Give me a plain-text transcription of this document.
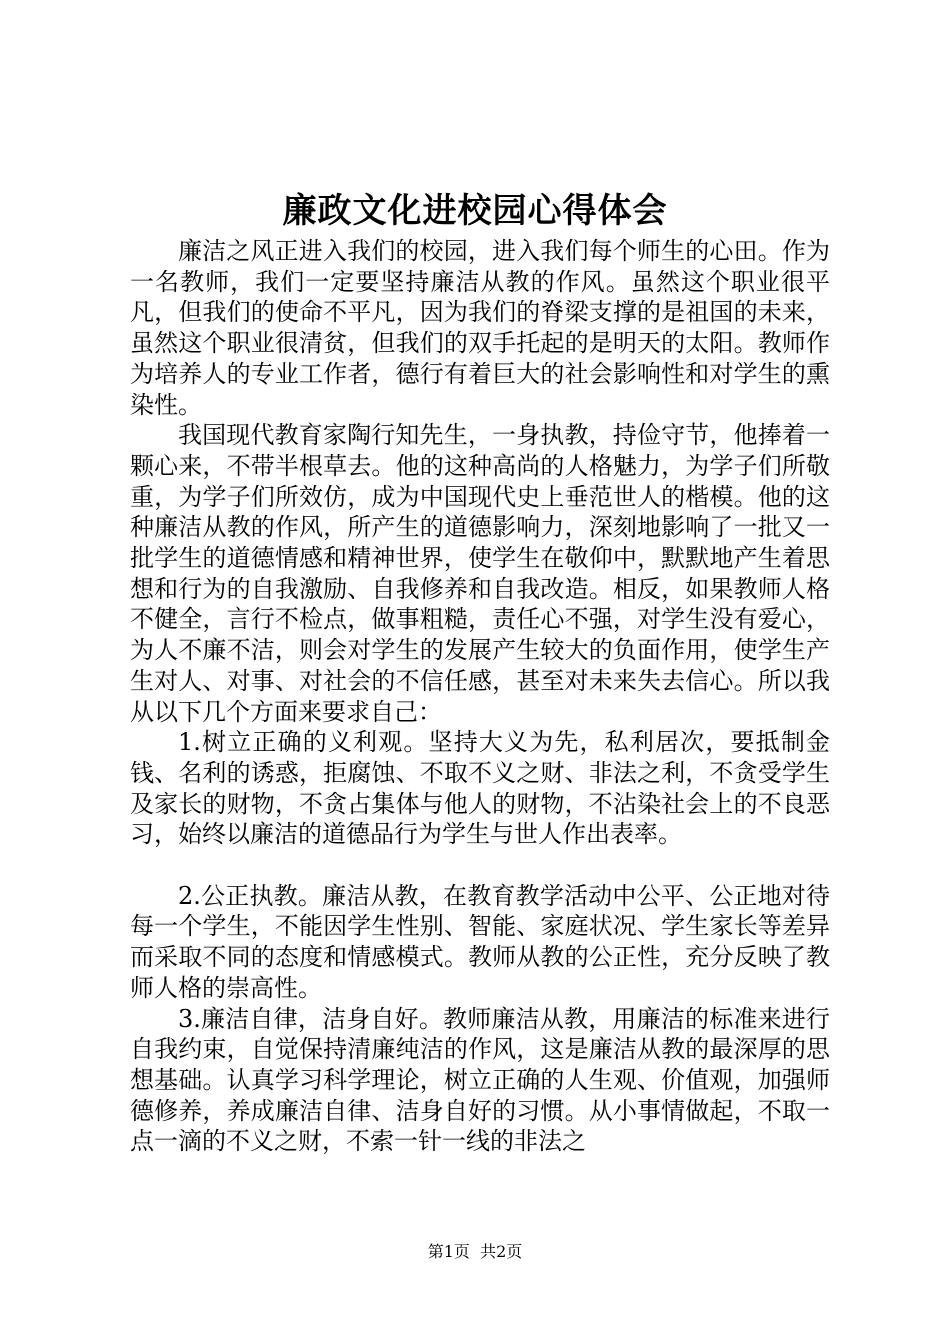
廉政文化进校园心得体会

廉洁之风正进入我们的校园，进入我们每个师生的心田。作为一名教师，我们一定要坚持廉洁从教的作风。虽然这个职业很平凡，但我们的使命不平凡，因为我们的脊梁支撑的是祖国的未来，虽然这个职业很清贫，但我们的双手托起的是明天的太阳。教师作为培养人的专业工作者，德行有着巨大的社会影响性和对学生的熏染性。

我国现代教育家陶行知先生，一身执教，持俭守节，他捧着一颗心来，不带半根草去。他的这种高尚的人格魅力，为学子们所敬重，为学子们所效仿，成为中国现代史上垂范世人的楷模。他的这种廉洁从教的作风，所产生的道德影响力，深刻地影响了一批又一批学生的道德情感和精神世界，使学生在敬仰中，默默地产生着思想和行为的自我激励、自我修养和自我改造。相反，如果教师人格不健全，言行不检点，做事粗糙，责任心不强，对学生没有爱心，为人不廉不洁，则会对学生的发展产生较大的负面作用，使学生产生对人、对事、对社会的不信任感，甚至对未来失去信心。所以我从以下几个方面来要求自己：

1.树立正确的义利观。坚持大义为先，私利居次，要抵制金钱、名利的诱惑，拒腐蚀、不取不义之财、非法之利，不贪受学生及家长的财物，不贪占集体与他人的财物，不沾染社会上的不良恶习，始终以廉洁的道德品行为学生与世人作出表率。

2.公正执教。廉洁从教，在教育教学活动中公平、公正地对待每一个学生，不能因学生性别、智能、家庭状况、学生家长等差异而采取不同的态度和情感模式。教师从教的公正性，充分反映了教师人格的崇高性。

3.廉洁自律，洁身自好。教师廉洁从教，用廉洁的标准来进行自我约束，自觉保持清廉纯洁的作风，这是廉洁从教的最深厚的思想基础。认真学习科学理论，树立正确的人生观、价值观，加强师德修养，养成廉洁自律、洁身自好的习惯。从小事情做起，不取一点一滴的不义之财，不索一针一线的非法之

第1页 共2页
